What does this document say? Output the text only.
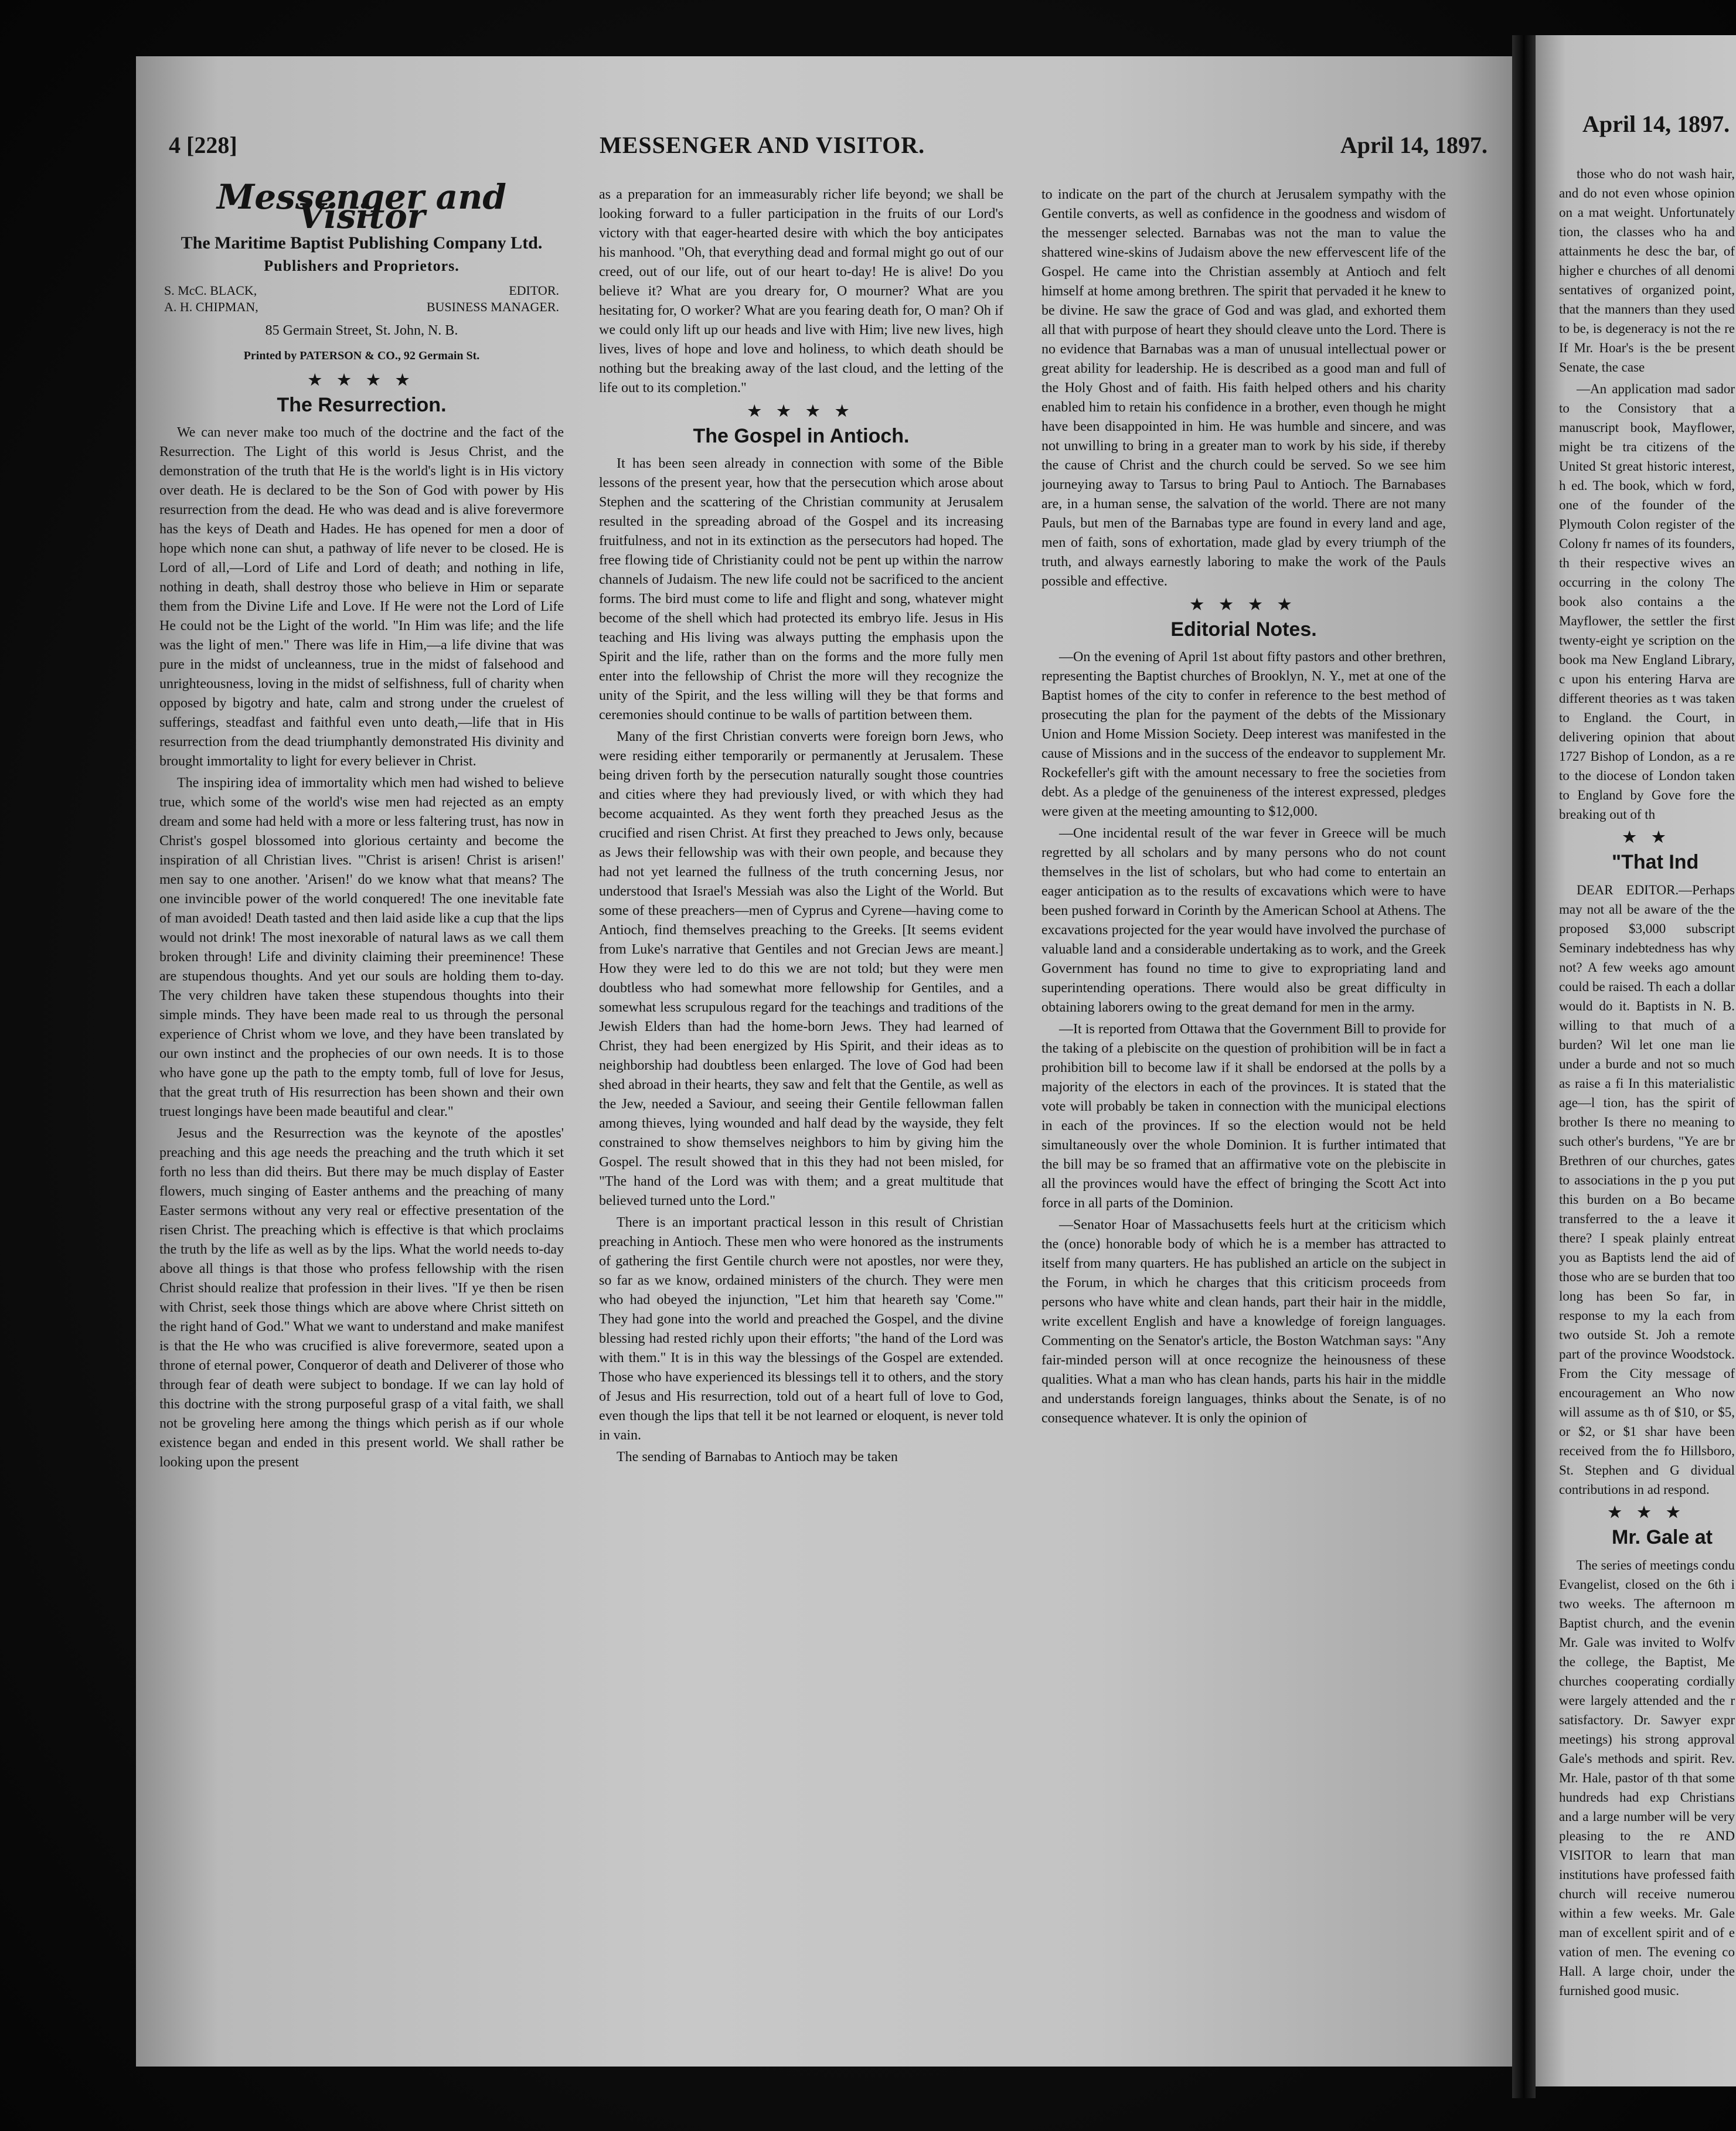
4 [228]	MESSENGER AND VISITOR.	April 14, 1897.
Messenger and Visitor
The Maritime Baptist Publishing Company Ltd.
Publishers and Proprietors.
S. McC. BLACK,	EDITOR.
A. H. CHIPMAN,	BUSINESS MANAGER.
85 Germain Street, St. John, N. B.
Printed by PATERSON & CO., 92 Germain St.
★ ★ ★ ★
The Resurrection.

We can never make too much of the doctrine and the fact of the Resurrection. The Light of this world is Jesus Christ, and the demonstration of the truth that He is the world's light is in His victory over death. He is declared to be the Son of God with power by His resurrection from the dead. He who was dead and is alive forevermore has the keys of Death and Hades. He has opened for men a door of hope which none can shut, a pathway of life never to be closed. He is Lord of all,—Lord of Life and Lord of death; and nothing in life, nothing in death, shall destroy those who believe in Him or separate them from the Divine Life and Love. If He were not the Lord of Life He could not be the Light of the world. "In Him was life; and the life was the light of men." There was life in Him,—a life divine that was pure in the midst of uncleanness, true in the midst of falsehood and unrighteousness, loving in the midst of selfishness, full of charity when opposed by bigotry and hate, calm and strong under the cruelest of sufferings, steadfast and faithful even unto death,—life that in His resurrection from the dead triumphantly demonstrated His divinity and brought immortality to light for every believer in Christ.

The inspiring idea of immortality which men had wished to believe true, which some of the world's wise men had rejected as an empty dream and some had held with a more or less faltering trust, has now in Christ's gospel blossomed into glorious certainty and become the inspiration of all Christian lives. "'Christ is arisen! Christ is arisen!' men say to one another. 'Arisen!' do we know what that means? The one invincible power of the world conquered! The one inevitable fate of man avoided! Death tasted and then laid aside like a cup that the lips would not drink! The most inexorable of natural laws as we call them broken through! Life and divinity claiming their preeminence! These are stupendous thoughts. And yet our souls are holding them to-day. The very children have taken these stupendous thoughts into their simple minds. They have been made real to us through the personal experience of Christ whom we love, and they have been translated by our own instinct and the prophecies of our own needs. It is to those who have gone up the path to the empty tomb, full of love for Jesus, that the great truth of His resurrection has been shown and their own truest longings have been made beautiful and clear."

Jesus and the Resurrection was the keynote of the apostles' preaching and this age needs the preaching and the truth which it set forth no less than did theirs. But there may be much display of Easter flowers, much singing of Easter anthems and the preaching of many Easter sermons without any very real or effective presentation of the risen Christ. The preaching which is effective is that which proclaims the truth by the life as well as by the lips. What the world needs to-day above all things is that those who profess fellowship with the risen Christ should realize that profession in their lives. "If ye then be risen with Christ, seek those things which are above where Christ sitteth on the right hand of God." What we want to understand and make manifest is that the He who was crucified is alive forevermore, seated upon a throne of eternal power, Conqueror of death and Deliverer of those who through fear of death were subject to bondage. If we can lay hold of this doctrine with the strong purposeful grasp of a vital faith, we shall not be groveling here among the things which perish as if our whole existence began and ended in this present world. We shall rather be looking upon the present

as a preparation for an immeasurably richer life beyond; we shall be looking forward to a fuller participation in the fruits of our Lord's victory with that eager-hearted desire with which the boy anticipates his manhood. "Oh, that everything dead and formal might go out of our creed, out of our life, out of our heart to-day! He is alive! Do you believe it? What are you dreary for, O mourner? What are you hesitating for, O worker? What are you fearing death for, O man? Oh if we could only lift up our heads and live with Him; live new lives, high lives, lives of hope and love and holiness, to which death should be nothing but the breaking away of the last cloud, and the letting of the life out to its completion."

★ ★ ★ ★
The Gospel in Antioch.

It has been seen already in connection with some of the Bible lessons of the present year, how that the persecution which arose about Stephen and the scattering of the Christian community at Jerusalem resulted in the spreading abroad of the Gospel and its increasing fruitfulness, and not in its extinction as the persecutors had hoped. The free flowing tide of Christianity could not be pent up within the narrow channels of Judaism. The new life could not be sacrificed to the ancient forms. The bird must come to life and flight and song, whatever might become of the shell which had protected its embryo life. Jesus in His teaching and His living was always putting the emphasis upon the Spirit and the life, rather than on the forms and the more fully men enter into the fellowship of Christ the more will they recognize the unity of the Spirit, and the less willing will they be that forms and ceremonies should continue to be walls of partition between them.

Many of the first Christian converts were foreign born Jews, who were residing either temporarily or permanently at Jerusalem. These being driven forth by the persecution naturally sought those countries and cities where they had previously lived, or with which they had become acquainted. As they went forth they preached Jesus as the crucified and risen Christ. At first they preached to Jews only, because as Jews their fellowship was with their own people, and because they had not yet learned the fullness of the truth concerning Jesus, nor understood that Israel's Messiah was also the Light of the World. But some of these preachers—men of Cyprus and Cyrene—having come to Antioch, find themselves preaching to the Greeks. [It seems evident from Luke's narrative that Gentiles and not Grecian Jews are meant.] How they were led to do this we are not told; but they were men doubtless who had somewhat more fellowship for Gentiles, and a somewhat less scrupulous regard for the teachings and traditions of the Jewish Elders than had the home-born Jews. They had learned of Christ, they had been energized by His Spirit, and their ideas as to neighborship had doubtless been enlarged. The love of God had been shed abroad in their hearts, they saw and felt that the Gentile, as well as the Jew, needed a Saviour, and seeing their Gentile fellowman fallen among thieves, lying wounded and half dead by the wayside, they felt constrained to show themselves neighbors to him by giving him the Gospel. The result showed that in this they had not been misled, for "The hand of the Lord was with them; and a great multitude that believed turned unto the Lord."

There is an important practical lesson in this result of Christian preaching in Antioch. These men who were honored as the instruments of gathering the first Gentile church were not apostles, nor were they, so far as we know, ordained ministers of the church. They were men who had obeyed the injunction, "Let him that heareth say 'Come.'" They had gone into the world and preached the Gospel, and the divine blessing had rested richly upon their efforts; "the hand of the Lord was with them." It is in this way the blessings of the Gospel are extended. Those who have experienced its blessings tell it to others, and the story of Jesus and His resurrection, told out of a heart full of love to God, even though the lips that tell it be not learned or eloquent, is never told in vain.

The sending of Barnabas to Antioch may be taken

to indicate on the part of the church at Jerusalem sympathy with the Gentile converts, as well as confidence in the goodness and wisdom of the messenger selected. Barnabas was not the man to value the shattered wine-skins of Judaism above the new effervescent life of the Gospel. He came into the Christian assembly at Antioch and felt himself at home among brethren. The spirit that pervaded it he knew to be divine. He saw the grace of God and was glad, and exhorted them all that with purpose of heart they should cleave unto the Lord. There is no evidence that Barnabas was a man of unusual intellectual power or great ability for leadership. He is described as a good man and full of the Holy Ghost and of faith. His faith helped others and his charity enabled him to retain his confidence in a brother, even though he might have been disappointed in him. He was humble and sincere, and was not unwilling to bring in a greater man to work by his side, if thereby the cause of Christ and the church could be served. So we see him journeying away to Tarsus to bring Paul to Antioch. The Barnabases are, in a human sense, the salvation of the world. There are not many Pauls, but men of the Barnabas type are found in every land and age, men of faith, sons of exhortation, made glad by every triumph of the truth, and always earnestly laboring to make the work of the Pauls possible and effective.

★ ★ ★ ★
Editorial Notes.

—On the evening of April 1st about fifty pastors and other brethren, representing the Baptist churches of Brooklyn, N. Y., met at one of the Baptist homes of the city to confer in reference to the best method of prosecuting the plan for the payment of the debts of the Missionary Union and Home Mission Society. Deep interest was manifested in the cause of Missions and in the success of the endeavor to supplement Mr. Rockefeller's gift with the amount necessary to free the societies from debt. As a pledge of the genuineness of the interest expressed, pledges were given at the meeting amounting to $12,000.

—One incidental result of the war fever in Greece will be much regretted by all scholars and by many persons who do not count themselves in the list of scholars, but who had come to entertain an eager anticipation as to the results of excavations which were to have been pushed forward in Corinth by the American School at Athens. The excavations projected for the year would have involved the purchase of valuable land and a considerable undertaking as to work, and the Greek Government has found no time to give to expropriating land and superintending operations. There would also be great difficulty in obtaining laborers owing to the great demand for men in the army.

—It is reported from Ottawa that the Government Bill to provide for the taking of a plebiscite on the question of prohibition will be in fact a prohibition bill to become law if it shall be endorsed at the polls by a majority of the electors in each of the provinces. It is stated that the vote will probably be taken in connection with the municipal elections in each of the provinces. If so the election would not be held simultaneously over the whole Dominion. It is further intimated that the bill may be so framed that an affirmative vote on the plebiscite in all the provinces would have the effect of bringing the Scott Act into force in all parts of the Dominion.

—Senator Hoar of Massachusetts feels hurt at the criticism which the (once) honorable body of which he is a member has attracted to itself from many quarters. He has published an article on the subject in the Forum, in which he charges that this criticism proceeds from persons who have white and clean hands, part their hair in the middle, write excellent English and have a knowledge of foreign languages. Commenting on the Senator's article, the Boston Watchman says: "Any fair-minded person will at once recognize the heinousness of these qualities. What a man who has clean hands, parts his hair in the middle and understands foreign languages, thinks about the Senate, is of no consequence whatever. It is only the opinion of

April 14, 1897.

those who do not wash hair, and do not even whose opinion on a mat weight. Unfortunately tion, the classes who ha and attainments he desc the bar, of higher e churches of all denomi sentatives of organized point, that the manners than they used to be, is degeneracy is not the re If Mr. Hoar's is the be present Senate, the case

—An application mad sador to the Consistory that a manuscript book, Mayflower, might be tra citizens of the United St great historic interest, h ed. The book, which w ford, one of the founder of the Plymouth Colon register of the Colony fr names of its founders, th their respective wives an occurring in the colony The book also contains a the Mayflower, the settler the first twenty-eight ye scription on the book ma New England Library, c upon his entering Harva are different theories as t was taken to England. the Court, in delivering opinion that about 1727 Bishop of London, as a re to the diocese of London taken to England by Gove fore the breaking out of th

★ ★
"That Ind

DEAR EDITOR.—Perhaps may not all be aware of the the proposed $3,000 subscript Seminary indebtedness has why not? A few weeks ago amount could be raised. Th each a dollar would do it. Baptists in N. B. willing to that much of a burden? Wil let one man lie under a burde and not so much as raise a fi In this materialistic age—l tion, has the spirit of brother Is there no meaning to such other's burdens, "Ye are br Brethren of our churches, gates to associations in the p you put this burden on a Bo became transferred to the a leave it there? I speak plainly entreat you as Baptists lend the aid of those who are se burden that too long has been So far, in response to my la each from two outside St. Joh a remote part of the province Woodstock. From the City message of encouragement an Who now will assume as th of $10, or $5, or $2, or $1 shar have been received from the fo Hillsboro, St. Stephen and G dividual contributions in ad respond.

★ ★ ★
Mr. Gale at

The series of meetings condu Evangelist, closed on the 6th i two weeks. The afternoon m Baptist church, and the evenin Mr. Gale was invited to Wolfv the college, the Baptist, Me churches cooperating cordially were largely attended and the r satisfactory. Dr. Sawyer expr meetings) his strong approval Gale's methods and spirit. Rev. Mr. Hale, pastor of th that some hundreds had exp Christians and a large number will be very pleasing to the re AND VISITOR to learn that man institutions have professed faith church will receive numerou within a few weeks. Mr. Gale man of excellent spirit and of e vation of men. The evening co Hall. A large choir, under the furnished good music.
